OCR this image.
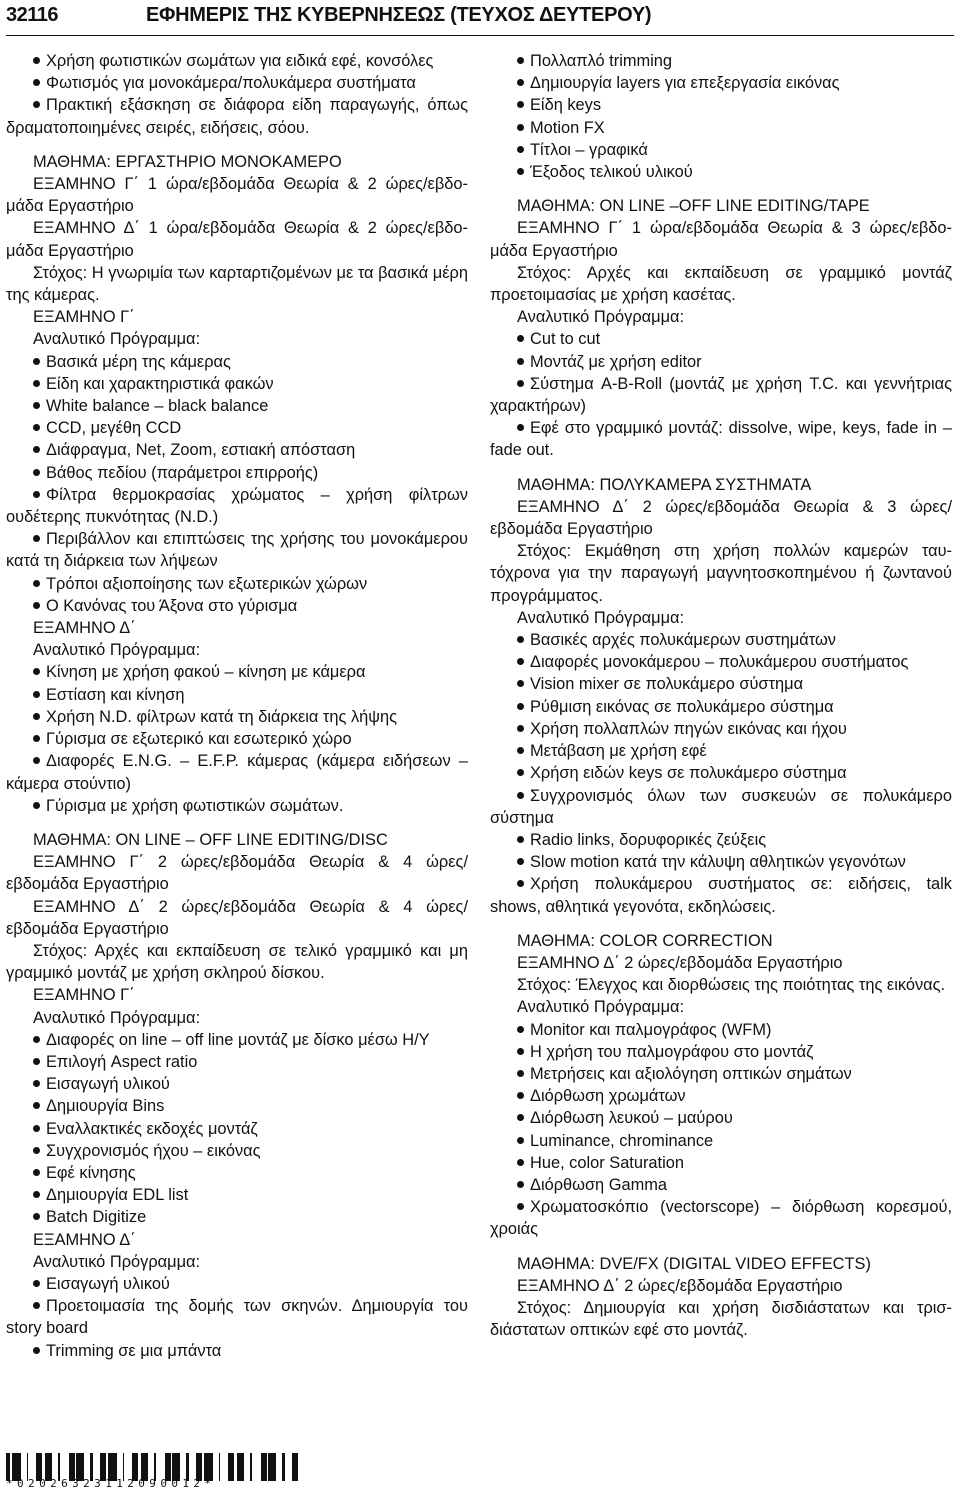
32116	ΕΦΗΜΕΡΙΣ ΤΗΣ ΚΥΒΕΡΝΗΣΕΩΣ (ΤΕΥΧΟΣ ΔΕΥΤΕΡΟΥ)

Χρήση φωτιστικών σωμάτων για ειδικά εφέ, κονσόλες

Φωτισμός για μονοκάμερα/πολυκάμερα συστήματα

Πρακτική εξάσκηση σε διάφορα είδη παραγωγής, όπως δραματοποιημένες σειρές, ειδήσεις, σόου.

ΜΑΘΗΜΑ: ΕΡΓΑΣΤΗΡΙΟ ΜΟΝΟΚΑΜΕΡΟ

ΕΞΑΜΗΝΟ Γ΄ 1 ώρα/εβδομάδα Θεωρία & 2 ώρες/εβδομάδα Εργαστήριο

ΕΞΑΜΗΝΟ Δ΄ 1 ώρα/εβδομάδα Θεωρία & 2 ώρες/εβδομάδα Εργαστήριο

Στόχος: Η γνωριμία των καρταρτιζομένων με τα βασικά μέρη της κάμερας.

ΕΞΑΜΗΝΟ Γ΄

Αναλυτικό Πρόγραμμα:

Βασικά μέρη της κάμερας

Είδη και χαρακτηριστικά φακών

White balance – black balance

CCD, μεγέθη CCD

Διάφραγμα, Net, Zoom, εστιακή απόσταση

Βάθος πεδίου (παράμετροι επιρροής)

Φίλτρα θερμοκρασίας χρώματος – χρήση φίλτρων ουδέτερης πυκνότητας (N.D.)

Περιβάλλον και επιπτώσεις της χρήσης του μονοκάμερου κατά τη διάρκεια των λήψεων

Τρόποι αξιοποίησης των εξωτερικών χώρων

Ο Κανόνας του Άξονα στο γύρισμα

ΕΞΑΜΗΝΟ Δ΄

Αναλυτικό Πρόγραμμα:

Κίνηση με χρήση φακού – κίνηση με κάμερα

Εστίαση και κίνηση

Χρήση N.D. φίλτρων κατά τη διάρκεια της λήψης

Γύρισμα σε εξωτερικό και εσωτερικό χώρο

Διαφορές E.N.G. – E.F.P. κάμερας (κάμερα ειδήσεων – κάμερα στούντιο)

Γύρισμα με χρήση φωτιστικών σωμάτων.

ΜΑΘΗΜΑ: ON LINE – OFF LINE EDITING/DISC

ΕΞΑΜΗΝΟ Γ΄ 2 ώρες/εβδομάδα Θεωρία & 4 ώρες/ εβδομάδα Εργαστήριο

ΕΞΑΜΗΝΟ Δ΄ 2 ώρες/εβδομάδα Θεωρία & 4 ώρες/ εβδομάδα Εργαστήριο

Στόχος: Αρχές και εκπαίδευση σε τελικό γραμμικό και μη γραμμικό μοντάζ με χρήση σκληρού δίσκου.

ΕΞΑΜΗΝΟ Γ΄

Αναλυτικό Πρόγραμμα:

Διαφορές on line – off line μοντάζ με δίσκο μέσω Η/Υ

Επιλογή Aspect ratio

Εισαγωγή υλικού

Δημιουργία Bins

Εναλλακτικές εκδοχές μοντάζ

Συγχρονισμός ήχου – εικόνας

Εφέ κίνησης

Δημιουργία EDL list

Batch Digitize

ΕΞΑΜΗΝΟ Δ΄

Αναλυτικό Πρόγραμμα:

Εισαγωγή υλικού

Προετοιμασία της δομής των σκηνών. Δημιουργία του story board

Trimming σε μια μπάντα

Πολλαπλό trimming

Δημιουργία layers για επεξεργασία εικόνας

Είδη keys

Motion FX

Τίτλοι – γραφικά

Έξοδος τελικού υλικού

ΜΑΘΗΜΑ: ON LINE –OFF LINE EDITING/TAPE

ΕΞΑΜΗΝΟ Γ΄ 1 ώρα/εβδομάδα Θεωρία & 3 ώρες/εβδομάδα Εργαστήριο

Στόχος: Αρχές και εκπαίδευση σε γραμμικό μοντάζ προετοιμασίας με χρήση κασέτας.

Αναλυτικό Πρόγραμμα:

Cut to cut

Μοντάζ με χρήση editor

Σύστημα A-B-Roll (μοντάζ με χρήση T.C. και γεννήτριας χαρακτήρων)

Εφέ στο γραμμικό μοντάζ: dissolve, wipe, keys, fade in – fade out.

ΜΑΘΗΜΑ: ΠΟΛΥΚΑΜΕΡΑ ΣΥΣΤΗΜΑΤΑ

ΕΞΑΜΗΝΟ Δ΄ 2 ώρες/εβδομάδα Θεωρία & 3 ώρες/ εβδομάδα Εργαστήριο

Στόχος: Εκμάθηση στη χρήση πολλών καμερών ταυτόχρονα για την παραγωγή μαγνητοσκοπημένου ή ζωντανού προγράμματος.

Αναλυτικό Πρόγραμμα:

Βασικές αρχές πολυκάμερων συστημάτων

Διαφορές μονοκάμερου – πολυκάμερου συστήματος

Vision mixer σε πολυκάμερο σύστημα

Ρύθμιση εικόνας σε πολυκάμερο σύστημα

Χρήση πολλαπλών πηγών εικόνας και ήχου

Μετάβαση με χρήση εφέ

Χρήση ειδών keys σε πολυκάμερο σύστημα

Συγχρονισμός όλων των συσκευών σε πολυκάμερο σύστημα

Radio links, δορυφορικές ζεύξεις

Slow motion κατά την κάλυψη αθλητικών γεγονότων

Χρήση πολυκάμερου συστήματος σε: ειδήσεις, talk shows, αθλητικά γεγονότα, εκδηλώσεις.

ΜΑΘΗΜΑ: COLOR CORRECTION

ΕΞΑΜΗΝΟ Δ΄ 2 ώρες/εβδομάδα Εργαστήριο

Στόχος: Έλεγχος και διορθώσεις της ποιότητας της εικόνας.

Αναλυτικό Πρόγραμμα:

Monitor και παλμογράφος (WFM)

Η χρήση του παλμογράφου στο μοντάζ

Μετρήσεις και αξιολόγηση οπτικών σημάτων

Διόρθωση χρωμάτων

Διόρθωση λευκού – μαύρου

Luminance, chrominance

Hue, color Saturation

Διόρθωση Gamma

Χρωματοσκόπιο (vectorscope) – διόρθωση κορεσμού, χροιάς

ΜΑΘΗΜΑ: DVE/FX (DIGITAL VIDEO EFFECTS)

ΕΞΑΜΗΝΟ Δ΄ 2 ώρες/εβδομάδα Εργαστήριο

Στόχος: Δημιουργία και χρήση δισδιάστατων και τρισδιάστατων οπτικών εφέ στο μοντάζ.

*02026323112090012*
